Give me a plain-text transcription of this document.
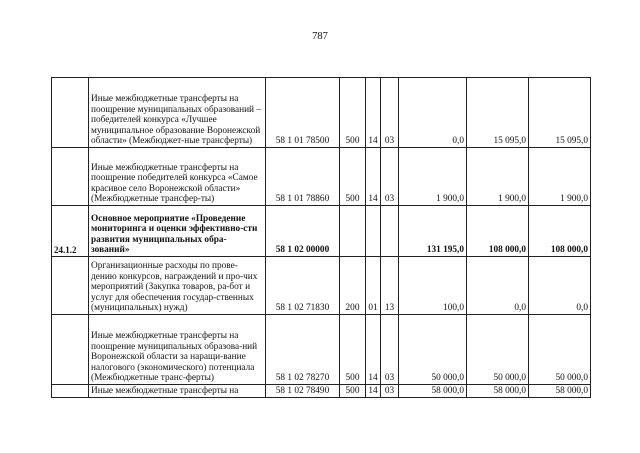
787
	Иные межбюджетные трансферты на поощрение муниципальных образований – победителей конкурса «Лучшее муниципальное образование Воронежской области» (Межбюджет-ные трансферты)	58 1 01 78500	500	14	03	0,0	15 095,0	15 095,0
	Иные межбюджетные трансферты на поощрение победителей конкурса «Самое красивое село Воронежской области» (Межбюджетные трансфер-ты)	58 1 01 78860	500	14	03	1 900,0	1 900,0	1 900,0
24.1.2	Основное мероприятие «Проведение мониторинга и оценки эффективно-сти развития муниципальных обра-зований»	58 1 02 00000				131 195,0	108 000,0	108 000,0
	Организационные расходы по прове-дению конкурсов, награждений и про-чих мероприятий (Закупка товаров, ра-бот и услуг для обеспечения государ-ственных (муниципальных) нужд)	58 1 02 71830	200	01	13	100,0	0,0	0,0
	Иные межбюджетные трансферты на поощрение муниципальных образова-ний Воронежской области за наращи-вание налогового (экономического) потенциала (Межбюджетные транс-ферты)	58 1 02 78270	500	14	03	50 000,0	50 000,0	50 000,0
	Иные межбюджетные трансферты на	58 1 02 78490	500	14	03	58 000,0	58 000,0	58 000,0
